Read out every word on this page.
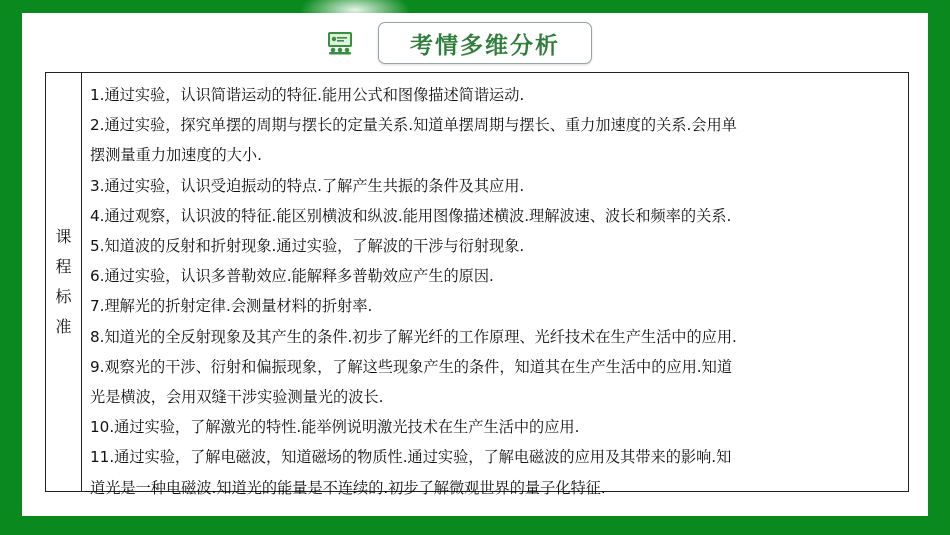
考情多维分析
课
程
标
准
1.通过实验，认识简谐运动的特征.能用公式和图像描述简谐运动.
2.通过实验，探究单摆的周期与摆长的定量关系.知道单摆周期与摆长、重力加速度的关系.会用单
摆测量重力加速度的大小.
3.通过实验，认识受迫振动的特点.了解产生共振的条件及其应用.
4.通过观察，认识波的特征.能区别横波和纵波.能用图像描述横波.理解波速、波长和频率的关系.
5.知道波的反射和折射现象.通过实验，了解波的干涉与衍射现象.
6.通过实验，认识多普勒效应.能解释多普勒效应产生的原因.
7.理解光的折射定律.会测量材料的折射率.
8.知道光的全反射现象及其产生的条件.初步了解光纤的工作原理、光纤技术在生产生活中的应用.
9.观察光的干涉、衍射和偏振现象，了解这些现象产生的条件，知道其在生产生活中的应用.知道
光是横波，会用双缝干涉实验测量光的波长.
10.通过实验，了解激光的特性.能举例说明激光技术在生产生活中的应用.
11.通过实验，了解电磁波，知道磁场的物质性.通过实验，了解电磁波的应用及其带来的影响.知
道光是一种电磁波.知道光的能量是不连续的.初步了解微观世界的量子化特征.
